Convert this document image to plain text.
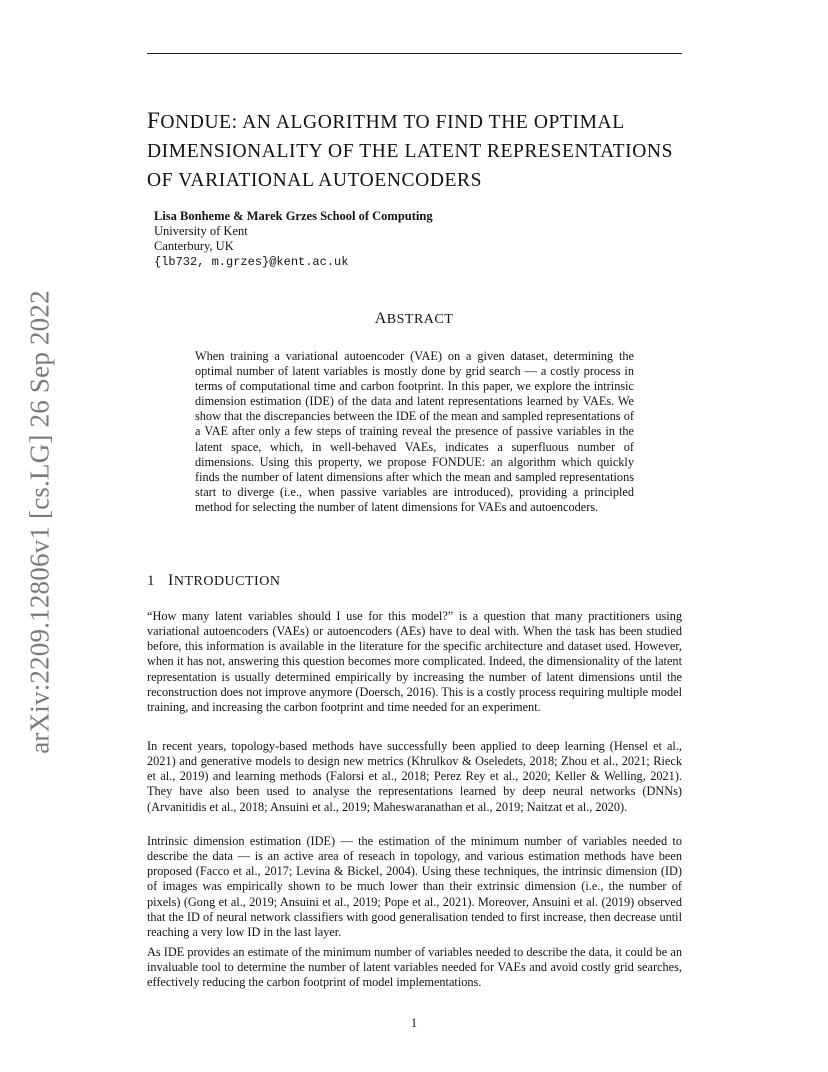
arXiv:2209.12806v1 [cs.LG] 26 Sep 2022
FONDUE: AN ALGORITHM TO FIND THE OPTIMAL DIMENSIONALITY OF THE LATENT REPRESENTATIONS OF VARIATIONAL AUTOENCODERS
Lisa Bonheme & Marek Grzes School of Computing
University of Kent
Canterbury, UK
{lb732, m.grzes}@kent.ac.uk
ABSTRACT

When training a variational autoencoder (VAE) on a given dataset, determining the optimal number of latent variables is mostly done by grid search — a costly process in terms of computational time and carbon footprint. In this paper, we explore the intrinsic dimension estimation (IDE) of the data and latent representations learned by VAEs. We show that the discrepancies between the IDE of the mean and sampled representations of a VAE after only a few steps of training reveal the presence of passive variables in the latent space, which, in well-behaved VAEs, indicates a superfluous number of dimensions. Using this property, we propose FONDUE: an algorithm which quickly finds the number of latent dimensions after which the mean and sampled representations start to diverge (i.e., when passive variables are introduced), providing a principled method for selecting the number of latent dimensions for VAEs and autoencoders.

1 INTRODUCTION

“How many latent variables should I use for this model?” is a question that many practitioners using variational autoencoders (VAEs) or autoencoders (AEs) have to deal with. When the task has been studied before, this information is available in the literature for the specific architecture and dataset used. However, when it has not, answering this question becomes more complicated. Indeed, the dimensionality of the latent representation is usually determined empirically by increasing the number of latent dimensions until the reconstruction does not improve anymore (Doersch, 2016). This is a costly process requiring multiple model training, and increasing the carbon footprint and time needed for an experiment.

In recent years, topology-based methods have successfully been applied to deep learning (Hensel et al., 2021) and generative models to design new metrics (Khrulkov & Oseledets, 2018; Zhou et al., 2021; Rieck et al., 2019) and learning methods (Falorsi et al., 2018; Perez Rey et al., 2020; Keller & Welling, 2021). They have also been used to analyse the representations learned by deep neural networks (DNNs) (Arvanitidis et al., 2018; Ansuini et al., 2019; Maheswaranathan et al., 2019; Naitzat et al., 2020).

Intrinsic dimension estimation (IDE) — the estimation of the minimum number of variables needed to describe the data — is an active area of reseach in topology, and various estimation methods have been proposed (Facco et al., 2017; Levina & Bickel, 2004). Using these techniques, the intrinsic dimension (ID) of images was empirically shown to be much lower than their extrinsic dimension (i.e., the number of pixels) (Gong et al., 2019; Ansuini et al., 2019; Pope et al., 2021). Moreover, Ansuini et al. (2019) observed that the ID of neural network classifiers with good generalisation tended to first increase, then decrease until reaching a very low ID in the last layer.

As IDE provides an estimate of the minimum number of variables needed to describe the data, it could be an invaluable tool to determine the number of latent variables needed for VAEs and avoid costly grid searches, effectively reducing the carbon footprint of model implementations.

1
